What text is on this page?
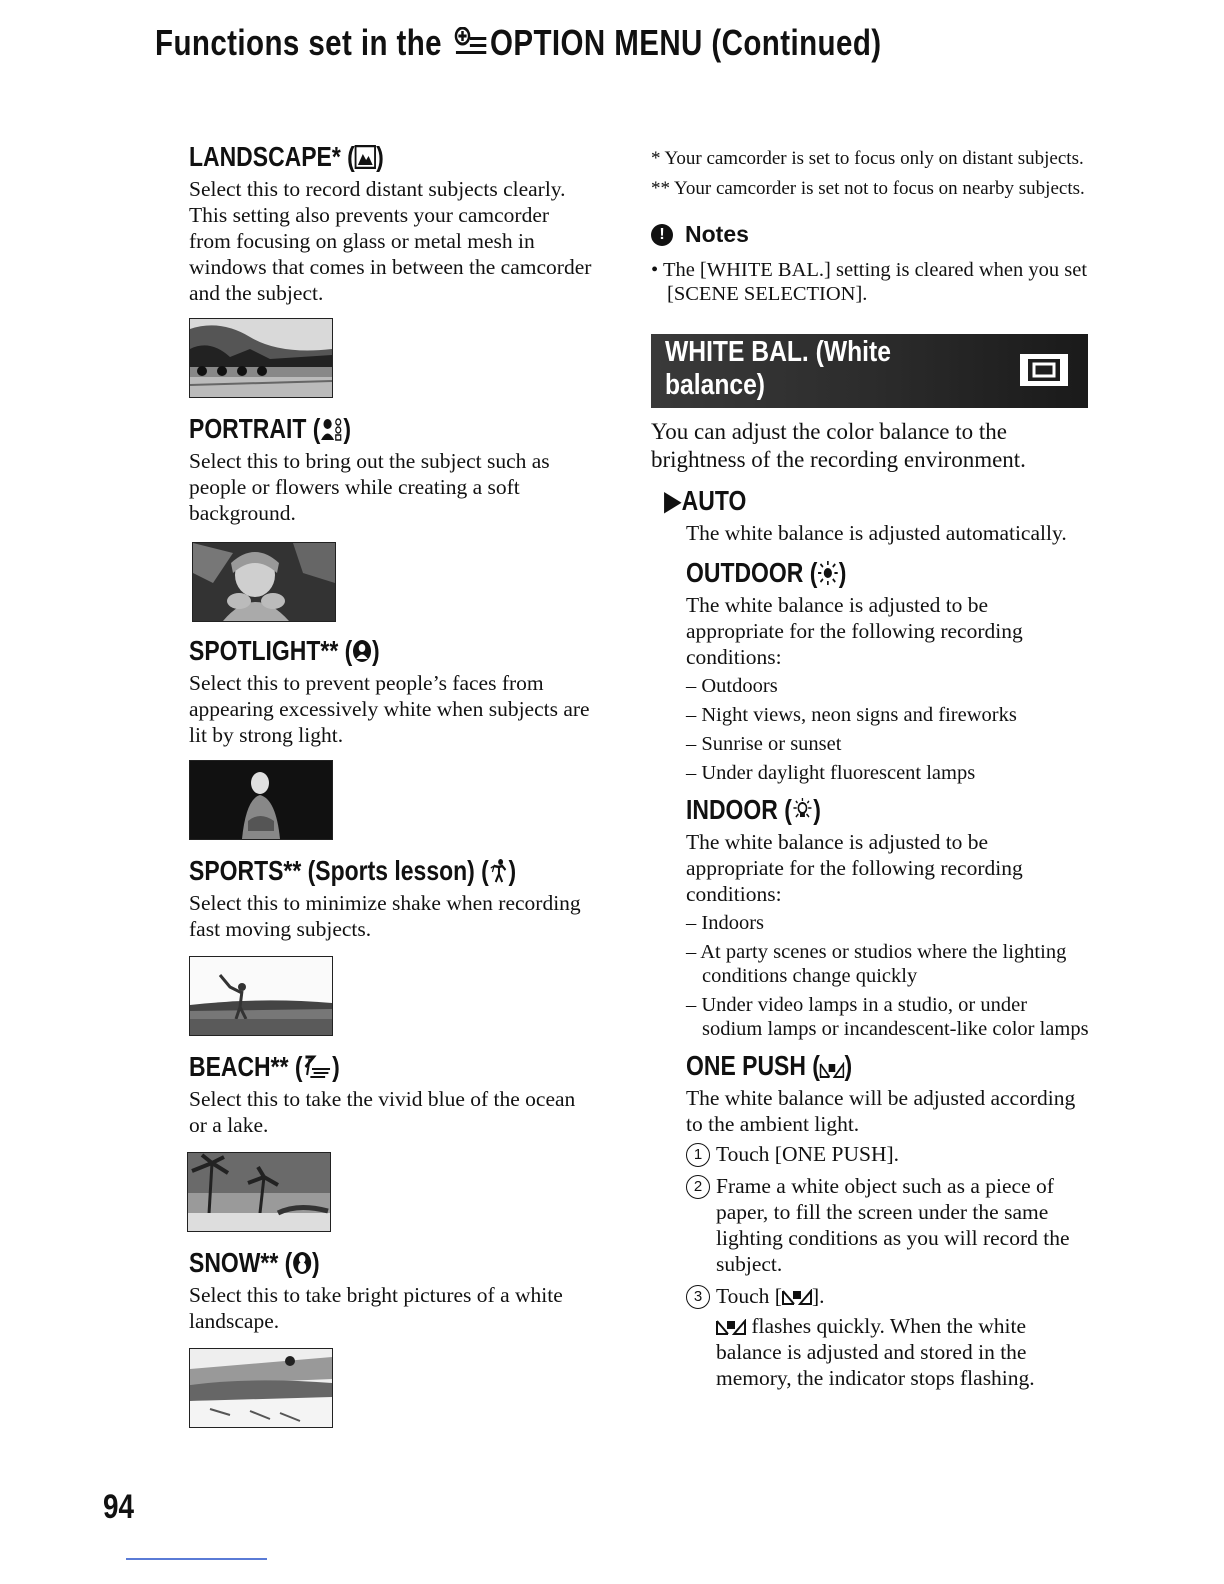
Functions set in the OPTION MENU (Continued)
LANDSCAPE* ( )

Select this to record distant subjects clearly. This setting also prevents your camcorder from focusing on glass or metal mesh in windows that comes in between the camcorder and the subject.

PORTRAIT ( )

Select this to bring out the subject such as people or flowers while creating a soft background.

SPOTLIGHT** ( )

Select this to prevent people’s faces from appearing excessively white when subjects are lit by strong light.

SPORTS** (Sports lesson) ( )

Select this to minimize shake when recording fast moving subjects.

BEACH** ( )

Select this to take the vivid blue of the ocean or a lake.

SNOW** ( )

Select this to take bright pictures of a white landscape.

* Your camcorder is set to focus only on distant subjects.

** Your camcorder is set not to focus on nearby subjects.

! Notes

• The [WHITE BAL.] setting is cleared when you set [SCENE SELECTION].

WHITE BAL. (White
balance)

You can adjust the color balance to the brightness of the recording environment.

▶AUTO

The white balance is adjusted automatically.

OUTDOOR ( )

The white balance is adjusted to be appropriate for the following recording conditions:

– Outdoors

– Night views, neon signs and fireworks

– Sunrise or sunset

– Under daylight fluorescent lamps

INDOOR ( )

The white balance is adjusted to be appropriate for the following recording conditions:

– Indoors

– At party scenes or studios where the lighting conditions change quickly

– Under video lamps in a studio, or under sodium lamps or incandescent-like color lamps

ONE PUSH ( )

The white balance will be adjusted according to the ambient light.

1 Touch [ONE PUSH].

2 Frame a white object such as a piece of paper, to fill the screen under the same lighting conditions as you will record the subject.

3 Touch [ ].

flashes quickly. When the white balance is adjusted and stored in the memory, the indicator stops flashing.

94
